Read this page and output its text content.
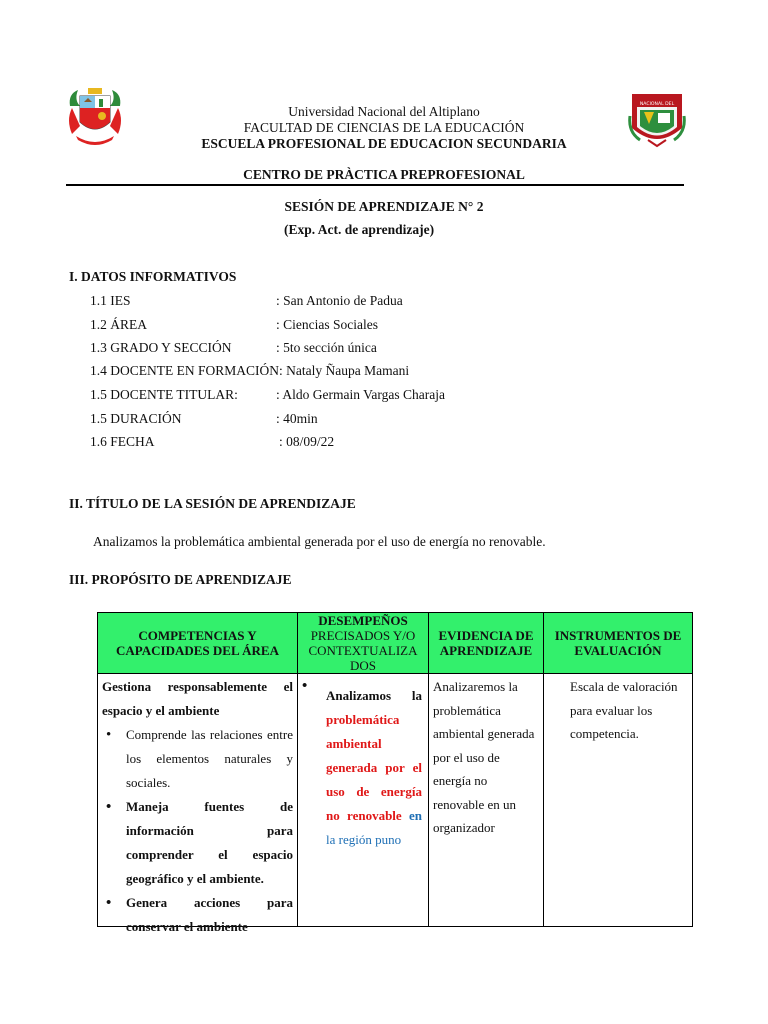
NACIONAL DEL
Universidad Nacional del Altiplano
FACULTAD DE CIENCIAS DE LA EDUCACIÓN
ESCUELA PROFESIONAL DE EDUCACION SECUNDARIA
CENTRO DE PRÀCTICA PREPROFESIONAL
SESIÓN DE APRENDIZAJE N° 2
(Exp. Act. de aprendizaje)
I. DATOS INFORMATIVOS
1.1 IES	: San Antonio de Padua
1.2 ÁREA	: Ciencias Sociales
1.3 GRADO Y SECCIÓN	: 5to sección única
1.4 DOCENTE EN FORMACIÓN: Nataly Ñaupa Mamani
1.5 DOCENTE TITULAR:	: Aldo Germain Vargas Charaja
1.5 DURACIÓN	: 40min
1.6 FECHA	: 08/09/22
II. TÍTULO DE LA SESIÓN DE APRENDIZAJE
Analizamos la problemática ambiental generada por el uso de energía no renovable.
III. PROPÓSITO DE APRENDIZAJE
COMPETENCIAS Y CAPACIDADES DEL ÁREA	DESEMPEÑOS
PRECISADOS Y/O CONTEXTUALIZA DOS	EVIDENCIA DE APRENDIZAJE	INSTRUMENTOS DE EVALUACIÓN

Gestiona responsablemente el espacio y el ambiente
• Comprende las relaciones entre los elementos naturales y sociales.
• Maneja fuentes de información para comprender el espacio geográfico y el ambiente.
• Genera acciones para conservar el ambiente	• Analizamos la problemática ambiental generada por el uso de energía no renovable en la región puno	Analizaremos la problemática ambiental generada por el uso de energía no renovable en un organizador	Escala de valoración para evaluar los competencia.
